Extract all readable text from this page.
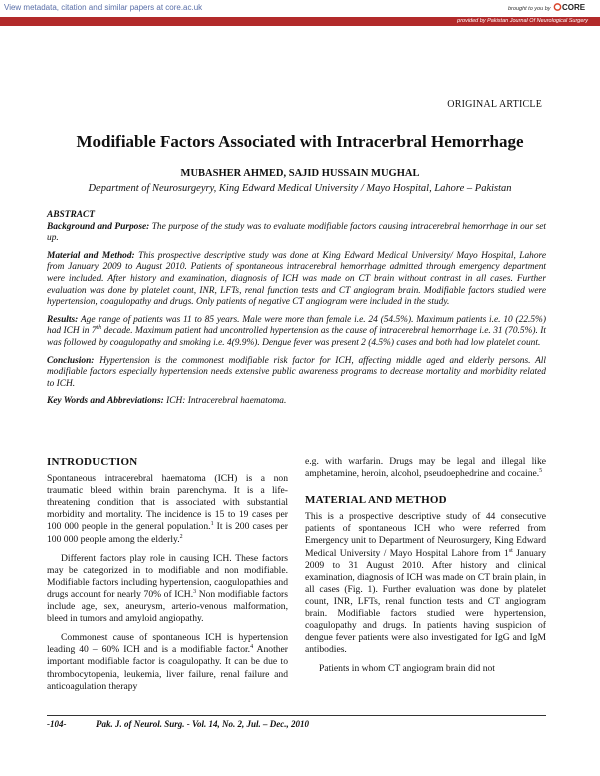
View metadata, citation and similar papers at core.ac.uk	brought to you by CORE
provided by Pakistan Journal Of Neurological Surgery
ORIGINAL ARTICLE
Modifiable Factors Associated with Intracerbral Hemorrhage
MUBASHER AHMED, SAJID HUSSAIN MUGHAL
Department of Neurosurgeyry, King Edward Medical University / Mayo Hospital, Lahore – Pakistan

ABSTRACT

Background and Purpose: The purpose of the study was to evaluate modifiable factors causing intracerebral hemorrhage in our set up.

Material and Method: This prospective descriptive study was done at King Edward Medical University/ Mayo Hospital, Lahore from January 2009 to August 2010. Patients of spontaneous intracerebral hemorrhage admitted through emergency department were included. After history and examination, diagnosis of ICH was made on CT brain without contrast in all cases. Further evaluation was done by platelet count, INR, LFTs, renal function tests and CT angiogram brain. Modifiable factors studied were hypertension, coagulopathy and drugs. Only patients of negative CT angiogram were included in the study.

Results: Age range of patients was 11 to 85 years. Male were more than female i.e. 24 (54.5%). Maximum patients i.e. 10 (22.5%) had ICH in 7th decade. Maximum patient had uncontrolled hypertension as the cause of intracerebral hemorrhage i.e. 31 (70.5%). It was followed by coagulopathy and smoking i.e. 4(9.9%). Dengue fever was present 2 (4.5%) cases and both had low platelet count.

Conclusion: Hypertension is the commonest modifiable risk factor for ICH, affecting middle aged and elderly persons. All modifiable factors especially hypertension needs extensive public awareness programs to decrease mortality and morbidity related to ICH.

Key Words and Abbreviations: ICH: Intracerebral haematoma.

INTRODUCTION

Spontaneous intracerebral haematoma (ICH) is a non traumatic bleed within brain parenchyma. It is a life-threatening condition that is associated with substantial morbidity and mortality. The incidence is 15 to 19 cases per 100 000 people in the general population.$^1$ It is 200 cases per 100 000 people among the elderly.$^2$

Different factors play role in causing ICH. These factors may be categorized in to modifiable and non modifiable. Modifiable factors including hypertension, caogulopathies and drugs account for nearly 70% of ICH.$^3$ Non modifiable factors include age, sex, aneurysm, arterio-venous malformation, bleed in tumors and amyloid angiopathy.

Commonest cause of spontaneous ICH is hypertension leading 40 – 60% ICH and is a modifiable factor.$^4$ Another important modifiable factor is coagulopathy. It can be due to thrombocytopenia, leukemia, liver failure, renal failure and anticoagulation therapy

e.g. with warfarin. Drugs may be legal and illegal like amphetamine, heroin, alcohol, pseudoephedrine and cocaine.$^5$

MATERIAL AND METHOD

This is a prospective descriptive study of 44 consecutive patients of spontaneous ICH who were referred from Emergency unit to Department of Neurosurgery, King Edward Medical University / Mayo Hospital Lahore from 1st January 2009 to 31 August 2010. After history and clinical examination, diagnosis of ICH was made on CT brain plain, in all cases (Fig. 1). Further evaluation was done by platelet count, INR, LFTs, renal function tests and CT angiogram brain. Modifiable factors studied were hypertension, coagulopathy and drugs. In patients having suspicion of dengue fever patients were also investigated for IgG and IgM antibodies.

Patients in whom CT angiogram brain did not

-104-	Pak. J. of Neurol. Surg. - Vol. 14, No. 2, Jul. – Dec., 2010
